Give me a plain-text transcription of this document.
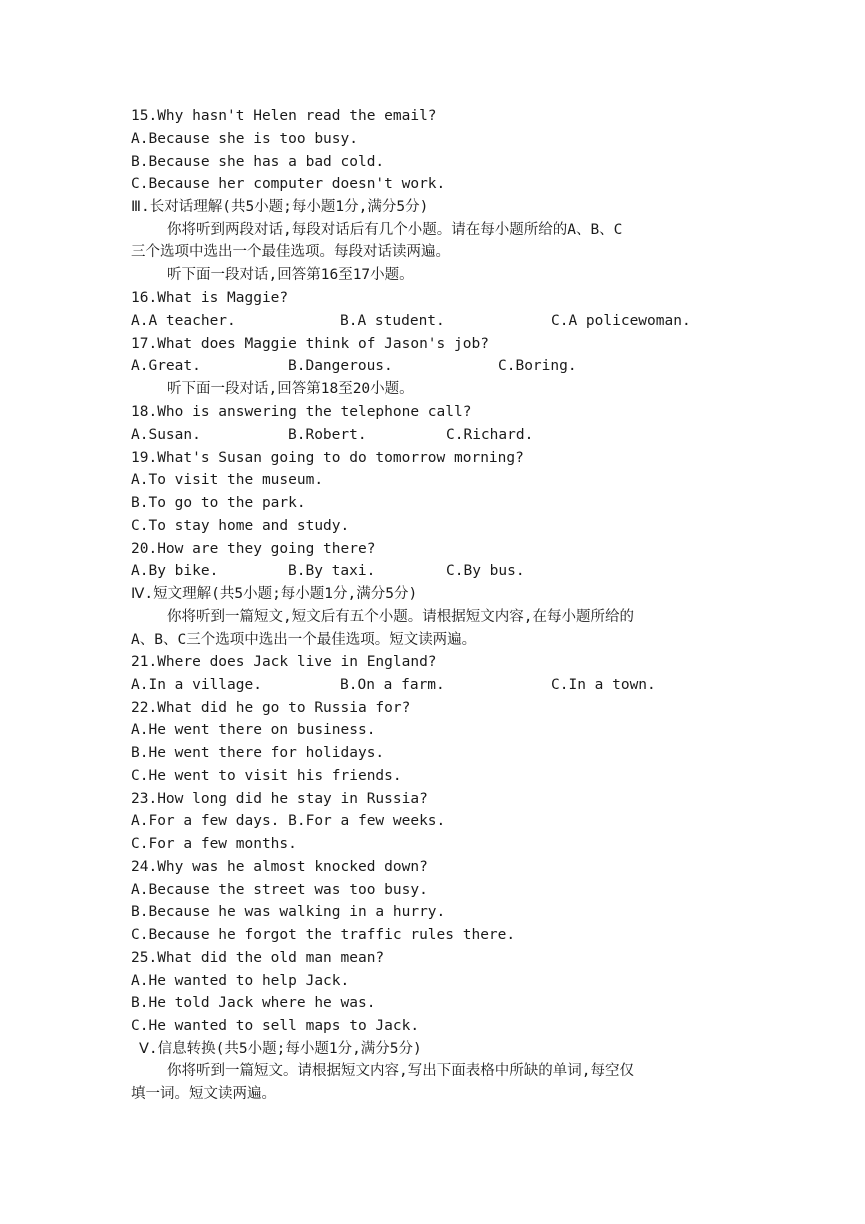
15.Why hasn't Helen read the email?
A.Because she is too busy.
B.Because she has a bad cold.
C.Because her computer doesn't work.
Ⅲ.长对话理解(共5小题;每小题1分,满分5分)
你将听到两段对话,每段对话后有几个小题。请在每小题所给的A、B、C
三个选项中选出一个最佳选项。每段对话读两遍。
听下面一段对话,回答第16至17小题。
16.What is Maggie?
A.A teacher.	B.A student.	C.A policewoman.
17.What does Maggie think of Jason's job?
A.Great.	B.Dangerous.	C.Boring.
听下面一段对话,回答第18至20小题。
18.Who is answering the telephone call?
A.Susan.	B.Robert.	C.Richard.
19.What's Susan going to do tomorrow morning?
A.To visit the museum.
B.To go to the park.
C.To stay home and study.
20.How are they going there?
A.By bike.	B.By taxi.	C.By bus.
Ⅳ.短文理解(共5小题;每小题1分,满分5分)
你将听到一篇短文,短文后有五个小题。请根据短文内容,在每小题所给的
A、B、C三个选项中选出一个最佳选项。短文读两遍。
21.Where does Jack live in England?
A.In a village.	B.On a farm.	C.In a town.
22.What did he go to Russia for?
A.He went there on business.
B.He went there for holidays.
C.He went to visit his friends.
23.How long did he stay in Russia?
A.For a few days. B.For a few weeks.
C.For a few months.
24.Why was he almost knocked down?
A.Because the street was too busy.
B.Because he was walking in a hurry.
C.Because he forgot the traffic rules there.
25.What did the old man mean?
A.He wanted to help Jack.
B.He told Jack where he was.
C.He wanted to sell maps to Jack.
Ⅴ.信息转换(共5小题;每小题1分,满分5分)
你将听到一篇短文。请根据短文内容,写出下面表格中所缺的单词,每空仅
填一词。短文读两遍。
